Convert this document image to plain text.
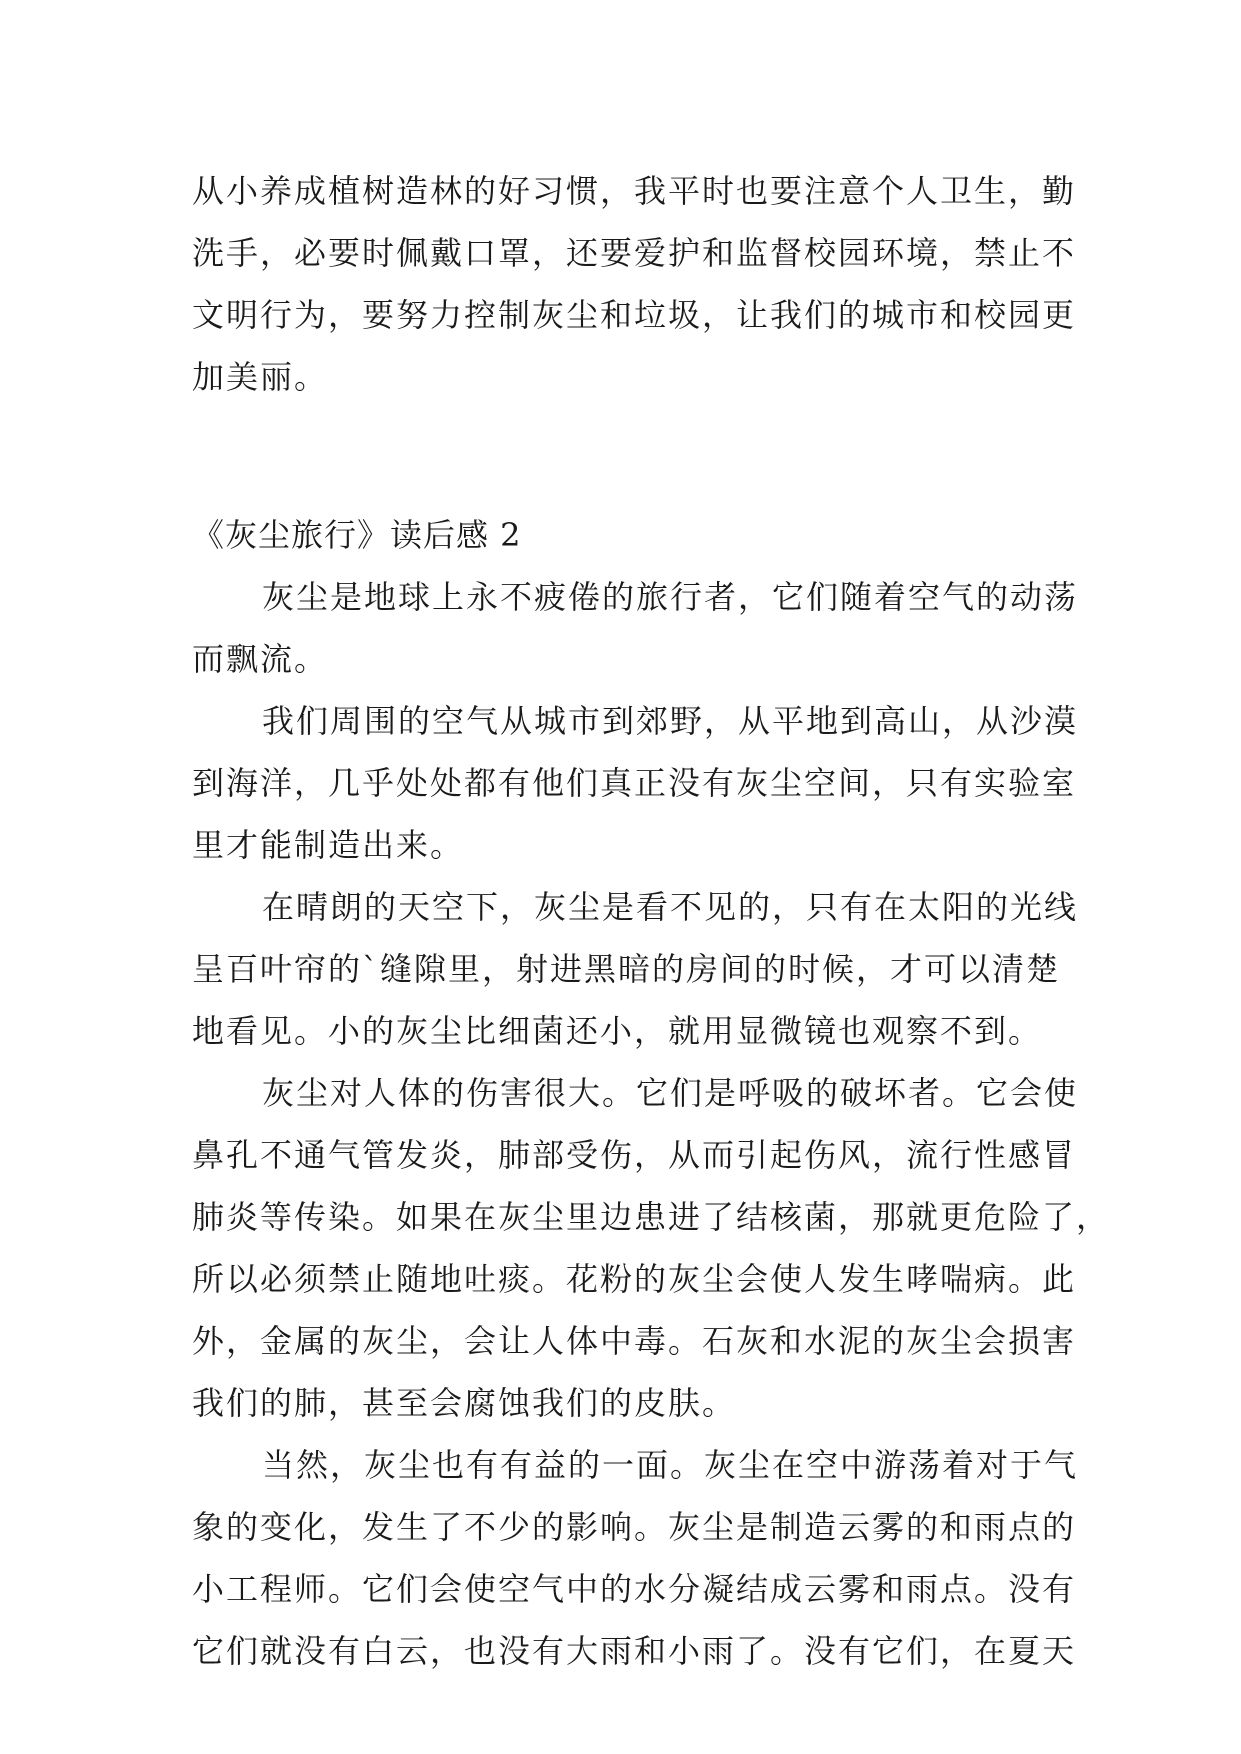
从小养成植树造林的好习惯，我平时也要注意个人卫生，勤
洗手，必要时佩戴口罩，还要爱护和监督校园环境，禁止不
文明行为，要努力控制灰尘和垃圾，让我们的城市和校园更
加美丽。
《灰尘旅行》读后感 2
灰尘是地球上永不疲倦的旅行者，它们随着空气的动荡
而飘流。
我们周围的空气从城市到郊野，从平地到高山，从沙漠
到海洋，几乎处处都有他们真正没有灰尘空间，只有实验室
里才能制造出来。
在晴朗的天空下，灰尘是看不见的，只有在太阳的光线
呈百叶帘的`缝隙里，射进黑暗的房间的时候，才可以清楚
地看见。小的灰尘比细菌还小，就用显微镜也观察不到。
灰尘对人体的伤害很大。它们是呼吸的破坏者。它会使
鼻孔不通气管发炎，肺部受伤，从而引起伤风，流行性感冒
肺炎等传染。如果在灰尘里边患进了结核菌，那就更危险了，
所以必须禁止随地吐痰。花粉的灰尘会使人发生哮喘病。此
外，金属的灰尘，会让人体中毒。石灰和水泥的灰尘会损害
我们的肺，甚至会腐蚀我们的皮肤。
当然，灰尘也有有益的一面。灰尘在空中游荡着对于气
象的变化，发生了不少的影响。灰尘是制造云雾的和雨点的
小工程师。它们会使空气中的水分凝结成云雾和雨点。没有
它们就没有白云，也没有大雨和小雨了。没有它们，在夏天
